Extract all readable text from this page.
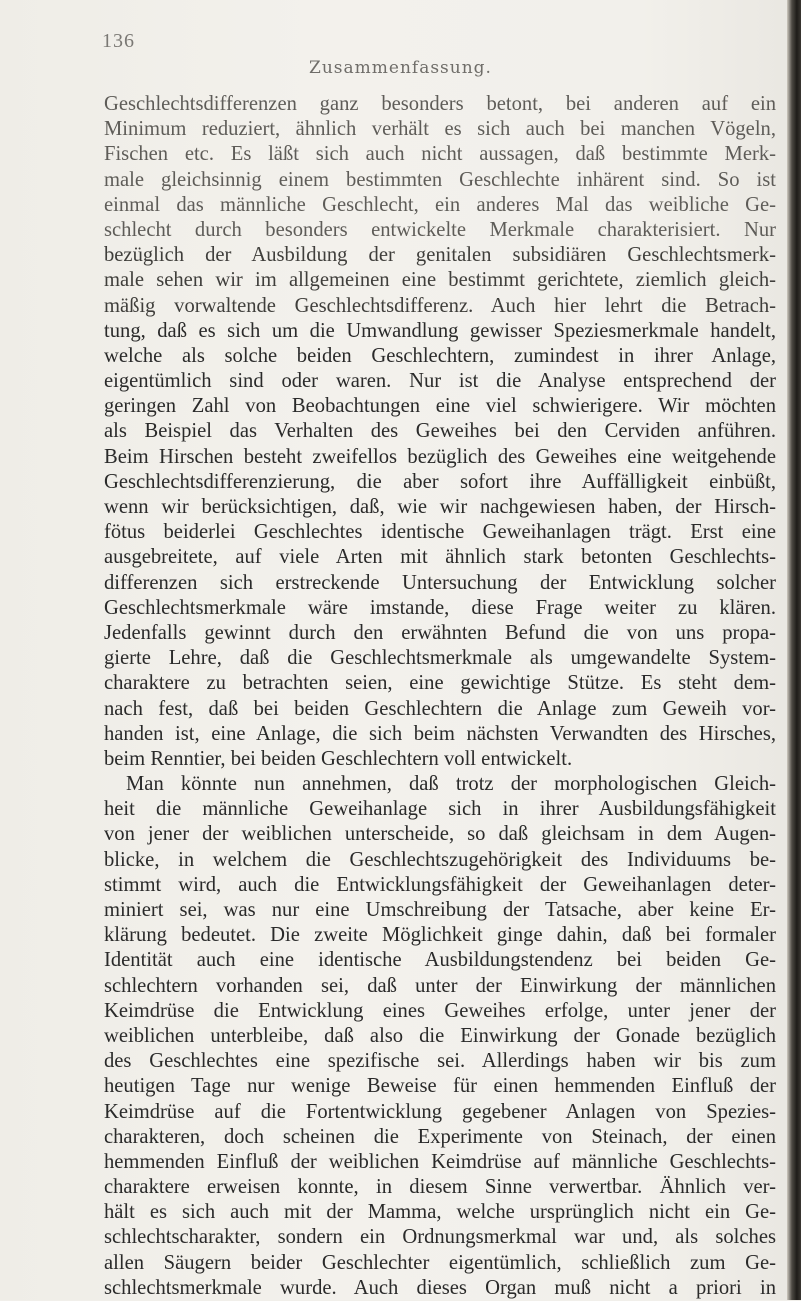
136
Zusammenfassung.
Geschlechtsdifferenzen ganz besonders betont, bei anderen auf ein
Minimum reduziert, ähnlich verhält es sich auch bei manchen Vögeln,
Fischen etc. Es läßt sich auch nicht aussagen, daß bestimmte Merk-
male gleichsinnig einem bestimmten Geschlechte inhärent sind. So ist
einmal das männliche Geschlecht, ein anderes Mal das weibliche Ge-
schlecht durch besonders entwickelte Merkmale charakterisiert. Nur
bezüglich der Ausbildung der genitalen subsidiären Geschlechtsmerk-
male sehen wir im allgemeinen eine bestimmt gerichtete, ziemlich gleich-
mäßig vorwaltende Geschlechtsdifferenz. Auch hier lehrt die Betrach-
tung, daß es sich um die Umwandlung gewisser Speziesmerkmale handelt,
welche als solche beiden Geschlechtern, zumindest in ihrer Anlage,
eigentümlich sind oder waren. Nur ist die Analyse entsprechend der
geringen Zahl von Beobachtungen eine viel schwierigere. Wir möchten
als Beispiel das Verhalten des Geweihes bei den Cerviden anführen.
Beim Hirschen besteht zweifellos bezüglich des Geweihes eine weitgehende
Geschlechtsdifferenzierung, die aber sofort ihre Auffälligkeit einbüßt,
wenn wir berücksichtigen, daß, wie wir nachgewiesen haben, der Hirsch-
fötus beiderlei Geschlechtes identische Geweihanlagen trägt. Erst eine
ausgebreitete, auf viele Arten mit ähnlich stark betonten Geschlechts-
differenzen sich erstreckende Untersuchung der Entwicklung solcher
Geschlechtsmerkmale wäre imstande, diese Frage weiter zu klären.
Jedenfalls gewinnt durch den erwähnten Befund die von uns propa-
gierte Lehre, daß die Geschlechtsmerkmale als umgewandelte System-
charaktere zu betrachten seien, eine gewichtige Stütze. Es steht dem-
nach fest, daß bei beiden Geschlechtern die Anlage zum Geweih vor-
handen ist, eine Anlage, die sich beim nächsten Verwandten des Hirsches,
beim Renntier, bei beiden Geschlechtern voll entwickelt.
Man könnte nun annehmen, daß trotz der morphologischen Gleich-
heit die männliche Geweihanlage sich in ihrer Ausbildungsfähigkeit
von jener der weiblichen unterscheide, so daß gleichsam in dem Augen-
blicke, in welchem die Geschlechtszugehörigkeit des Individuums be-
stimmt wird, auch die Entwicklungsfähigkeit der Geweihanlagen deter-
miniert sei, was nur eine Umschreibung der Tatsache, aber keine Er-
klärung bedeutet. Die zweite Möglichkeit ginge dahin, daß bei formaler
Identität auch eine identische Ausbildungstendenz bei beiden Ge-
schlechtern vorhanden sei, daß unter der Einwirkung der männlichen
Keimdrüse die Entwicklung eines Geweihes erfolge, unter jener der
weiblichen unterbleibe, daß also die Einwirkung der Gonade bezüglich
des Geschlechtes eine spezifische sei. Allerdings haben wir bis zum
heutigen Tage nur wenige Beweise für einen hemmenden Einfluß der
Keimdrüse auf die Fortentwicklung gegebener Anlagen von Spezies-
charakteren, doch scheinen die Experimente von Steinach, der einen
hemmenden Einfluß der weiblichen Keimdrüse auf männliche Geschlechts-
charaktere erweisen konnte, in diesem Sinne verwertbar. Ähnlich ver-
hält es sich auch mit der Mamma, welche ursprünglich nicht ein Ge-
schlechtscharakter, sondern ein Ordnungsmerkmal war und, als solches
allen Säugern beider Geschlechter eigentümlich, schließlich zum Ge-
schlechtsmerkmale wurde. Auch dieses Organ muß nicht a priori in
